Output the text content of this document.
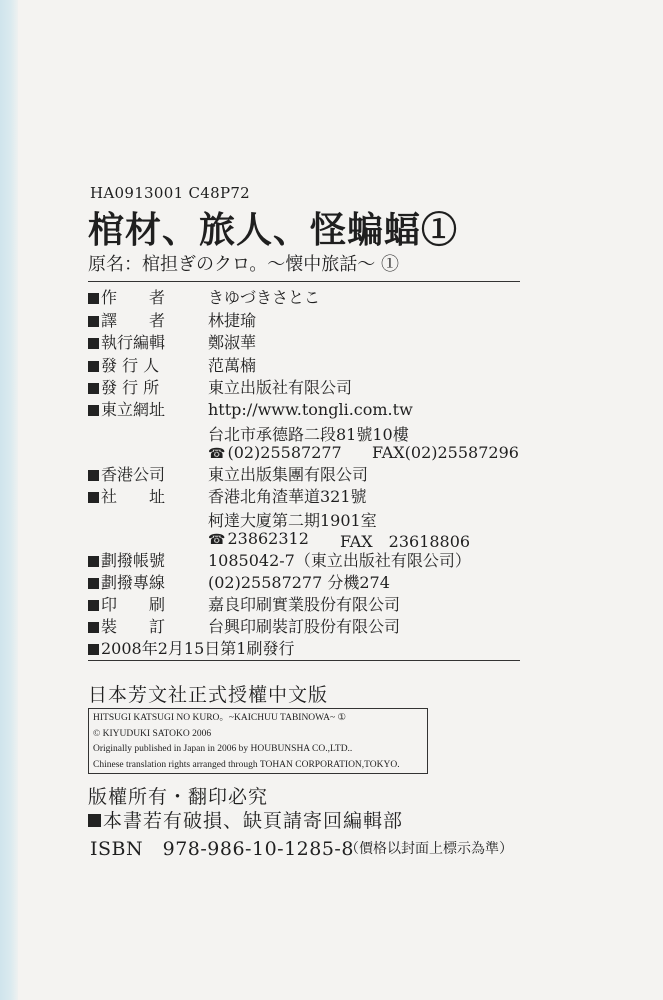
HA0913001 C48P72
棺材、旅人、怪蝙蝠①
原名：棺担ぎのクロ。～懐中旅話～ ①
作　　者	きゆづきさとこ
譯　　者	林捷瑜
執行編輯	鄭淑華
發 行 人	范萬楠
發 行 所	東立出版社有限公司
東立網址	http://www.tongli.com.tw
台北市承德路二段81號10樓
☎ (02)25587277 FAX(02)25587296
香港公司	東立出版集團有限公司
社　　址	香港北角渣華道321號
柯達大廈第二期1901室
☎ 23862312 FAX　23618806
劃撥帳號	1085042-7（東立出版社有限公司）
劃撥專線	(02)25587277 分機274
印　　刷	嘉良印刷實業股份有限公司
裝　　訂	台興印刷裝訂股份有限公司
2008年2月15日第1刷發行
日本芳文社正式授權中文版
HITSUGI KATSUGI NO KURO。~KAICHUU TABINOWA~ ①
© KIYUDUKI SATOKO 2006
Originally published in Japan in 2006 by HOUBUNSHA CO.,LTD..
Chinese translation rights arranged through TOHAN CORPORATION,TOKYO.
版權所有・翻印必究
本書若有破損、缺頁請寄回編輯部
ISBN　978-986-10-1285-8
（價格以封面上標示為準）
